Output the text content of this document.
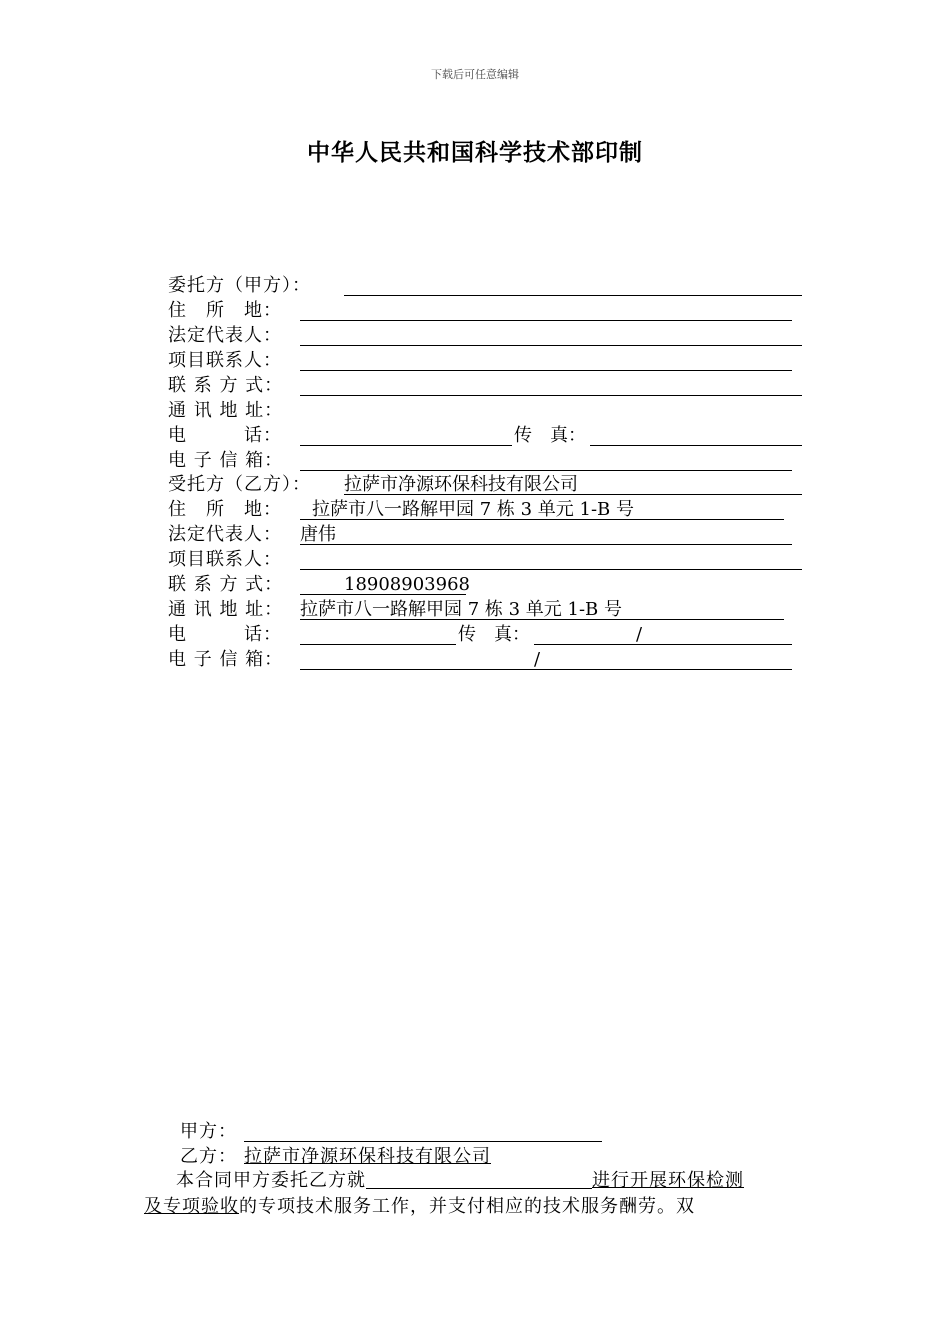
下载后可任意编辑
中华人民共和国科学技术部印制
委托方（甲方）：
住　所　地：
法定代表人：
项目联系人：
联 系 方 式：
通 讯 地 址：
电　　　话：	传　真：
电 子 信 箱：
受托方（乙方）： 拉萨市净源环保科技有限公司
住　所　地： 拉萨市八一路解甲园 7 栋 3 单元 1-B 号
法定代表人： 唐伟
项目联系人：
联 系 方 式：	18908903968
通 讯 地 址： 拉萨市八一路解甲园 7 栋 3 单元 1-B 号
电　　　话：	传　真：	/
电 子 信 箱：	/
甲方：
乙方： 拉萨市净源环保科技有限公司
本合同甲方委托乙方就	进行开展环保检测
及专项验收的专项技术服务工作，并支付相应的技术服务酬劳。双
